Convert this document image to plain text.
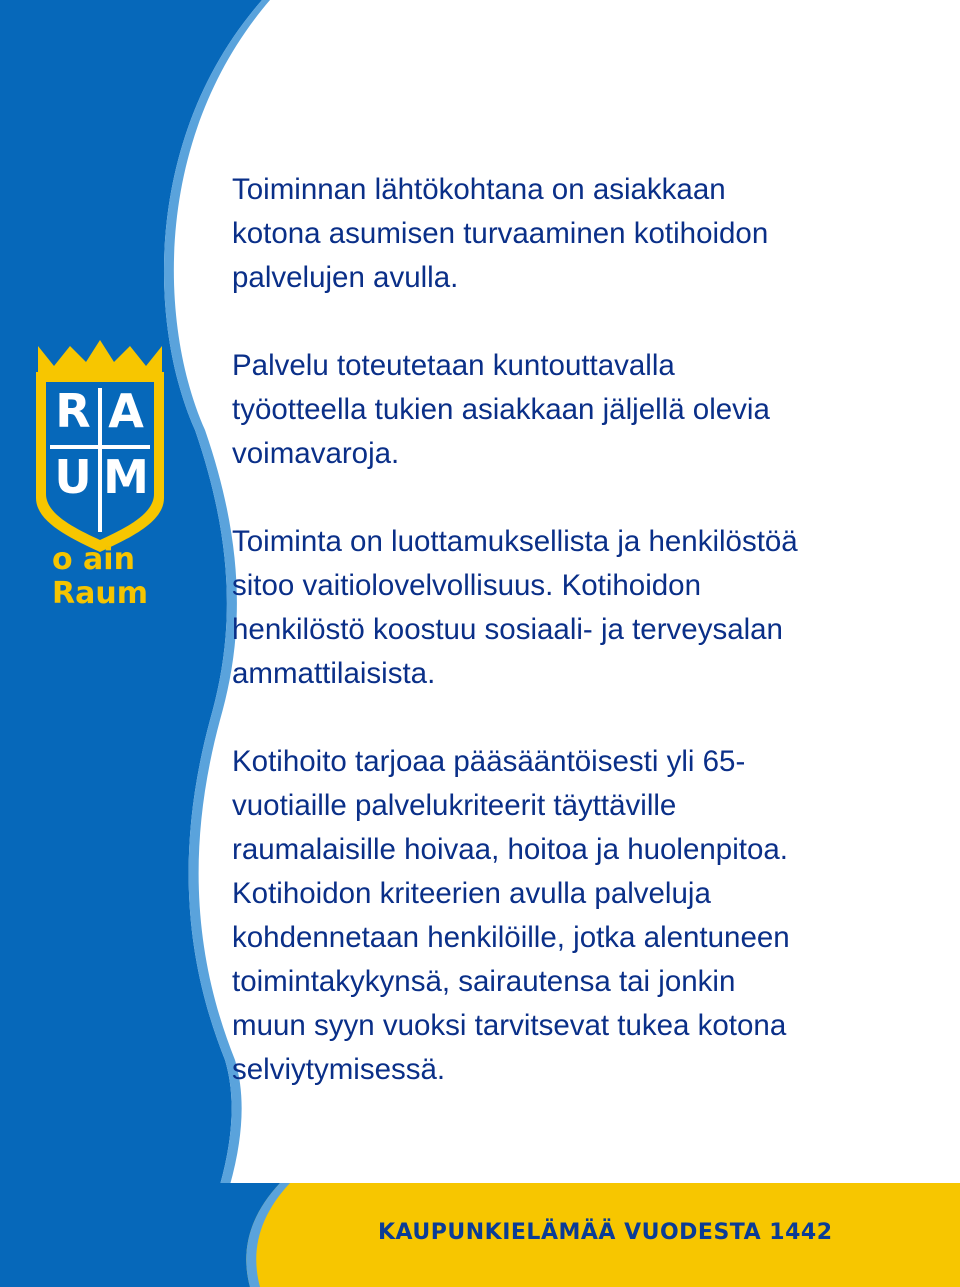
R A
U M
o ain
Raum

Toiminnan lähtökohtana on asiakkaan
kotona asumisen turvaaminen kotihoidon
palvelujen avulla.

Palvelu toteutetaan kuntouttavalla
työotteella tukien asiakkaan jäljellä olevia
voimavaroja.

Toiminta on luottamuksellista ja henkilöstöä
sitoo vaitiolovelvollisuus. Kotihoidon
henkilöstö koostuu sosiaali- ja terveysalan
ammattilaisista.

Kotihoito tarjoaa pääsääntöisesti yli 65-
vuotiaille palvelukriteerit täyttäville
raumalaisille hoivaa, hoitoa ja huolenpitoa.
Kotihoidon kriteerien avulla palveluja
kohdennetaan henkilöille, jotka alentuneen
toimintakykynsä, sairautensa tai jonkin
muun syyn vuoksi tarvitsevat tukea kotona
selviytymisessä.

KAUPUNKIELÄMÄÄ VUODESTA 1442
